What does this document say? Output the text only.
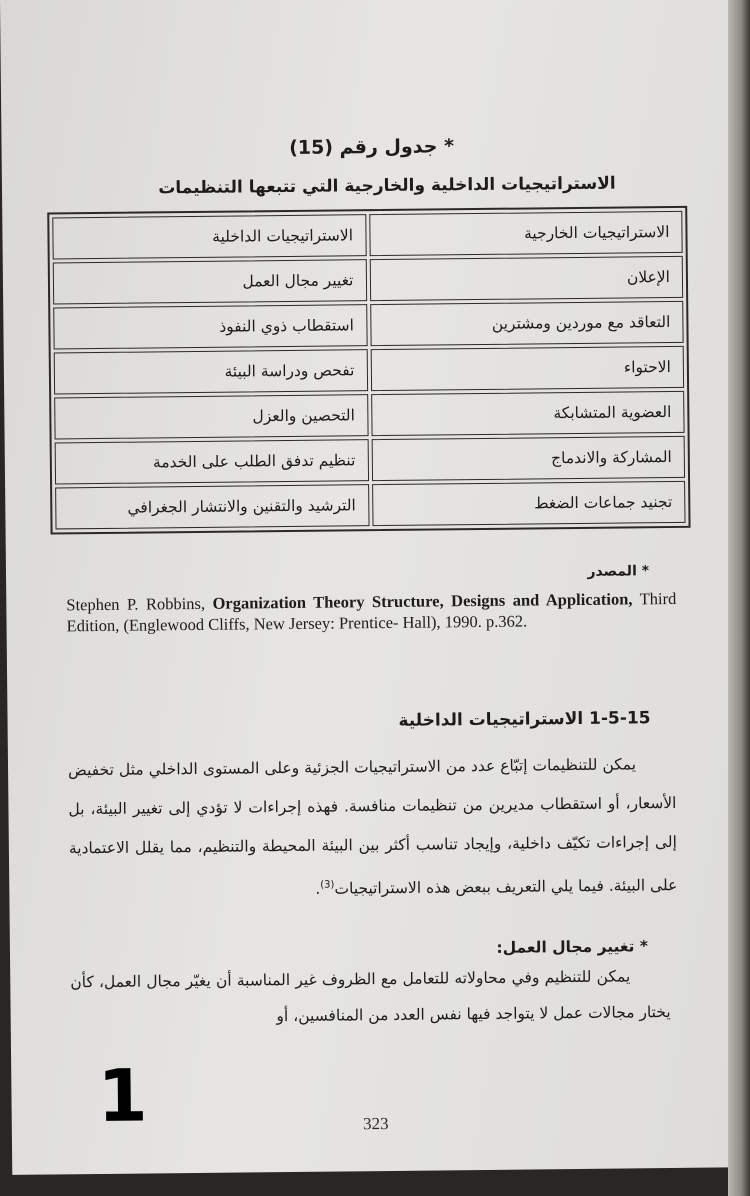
* جدول رقم (15)
الاستراتيجيات الداخلية والخارجية التي تتبعها التنظيمات
الاستراتيجيات الخارجية	الاستراتيجيات الداخلية
الإعلان	تغيير مجال العمل
التعاقد مع موردين ومشترين	استقطاب ذوي النفوذ
الاحتواء	تفحص ودراسة البيئة
العضوية المتشابكة	التحصين والعزل
المشاركة والاندماج	تنظيم تدفق الطلب على الخدمة
تجنيد جماعات الضغط	الترشيد والتقنين والانتشار الجغرافي
* المصدر
Stephen P. Robbins, Organization Theory Structure, Designs and Application, Third Edition, (Englewood Cliffs, New Jersey: Prentice- Hall), 1990. p.362.
1-5-15 الاستراتيجيات الداخلية

يمكن للتنظيمات إتبّاع عدد من الاستراتيجيات الجزئية وعلى المستوى الداخلي مثل تخفيض الأسعار، أو استقطاب مديرين من تنظيمات منافسة. فهذه إجراءات لا تؤدي إلى تغيير البيئة، بل إلى إجراءات تكيّف داخلية، وإيجاد تناسب أكثر بين البيئة المحيطة والتنظيم، مما يقلل الاعتمادية على البيئة. فيما يلي التعريف ببعض هذه الاستراتيجيات$^{(3)}$.

* تغيير مجال العمل:

يمكن للتنظيم وفي محاولاته للتعامل مع الظروف غير المناسبة أن يغيّر مجال العمل، كأن يختار مجالات عمل لا يتواجد فيها نفس العدد من المنافسين، أو

1	323
